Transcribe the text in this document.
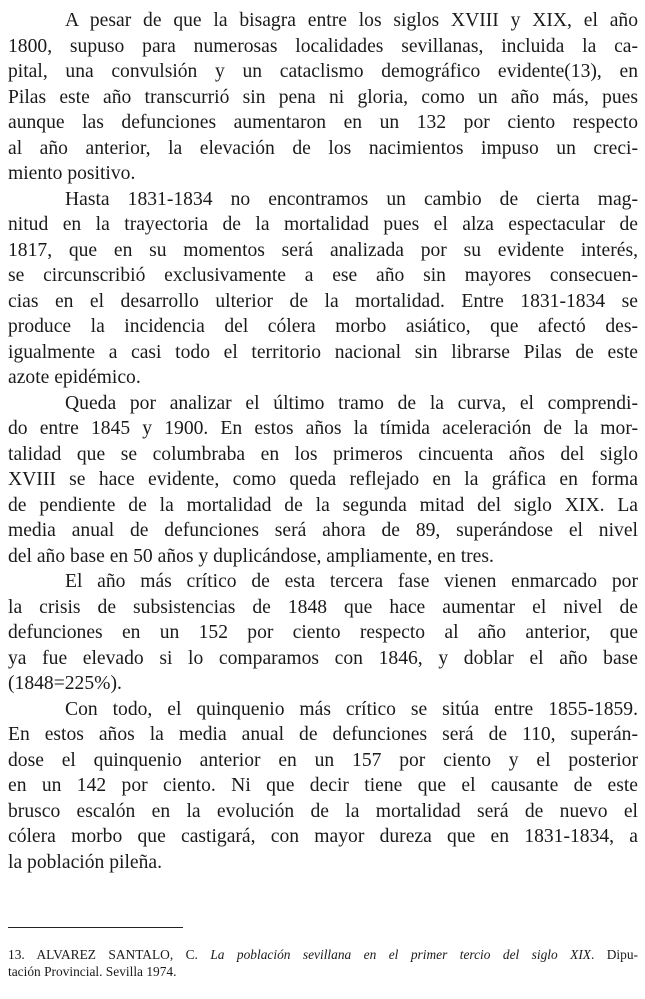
A pesar de que la bisagra entre los siglos XVIII y XIX, el año
1800, supuso para numerosas localidades sevillanas, incluida la ca-
pital, una convulsión y un cataclismo demográfico evidente(13), en
Pilas este año transcurrió sin pena ni gloria, como un año más, pues
aunque las defunciones aumentaron en un 132 por ciento respecto
al año anterior, la elevación de los nacimientos impuso un creci-
miento positivo.
Hasta 1831-1834 no encontramos un cambio de cierta mag-
nitud en la trayectoria de la mortalidad pues el alza espectacular de
1817, que en su momentos será analizada por su evidente interés,
se circunscribió exclusivamente a ese año sin mayores consecuen-
cias en el desarrollo ulterior de la mortalidad. Entre 1831-1834 se
produce la incidencia del cólera morbo asiático, que afectó des-
igualmente a casi todo el territorio nacional sin librarse Pilas de este
azote epidémico.
Queda por analizar el último tramo de la curva, el comprendi-
do entre 1845 y 1900. En estos años la tímida aceleración de la mor-
talidad que se columbraba en los primeros cincuenta años del siglo
XVIII se hace evidente, como queda reflejado en la gráfica en forma
de pendiente de la mortalidad de la segunda mitad del siglo XIX. La
media anual de defunciones será ahora de 89, superándose el nivel
del año base en 50 años y duplicándose, ampliamente, en tres.
El año más crítico de esta tercera fase vienen enmarcado por
la crisis de subsistencias de 1848 que hace aumentar el nivel de
defunciones en un 152 por ciento respecto al año anterior, que
ya fue elevado si lo comparamos con 1846, y doblar el año base
(1848=225%).
Con todo, el quinquenio más crítico se sitúa entre 1855-1859.
En estos años la media anual de defunciones será de 110, superán-
dose el quinquenio anterior en un 157 por ciento y el posterior
en un 142 por ciento. Ni que decir tiene que el causante de este
brusco escalón en la evolución de la mortalidad será de nuevo el
cólera morbo que castigará, con mayor dureza que en 1831-1834, a
la población pileña.
13. ALVAREZ SANTALO, C. La población sevillana en el primer tercio del siglo XIX. Dipu-
tación Provincial. Sevilla 1974.
